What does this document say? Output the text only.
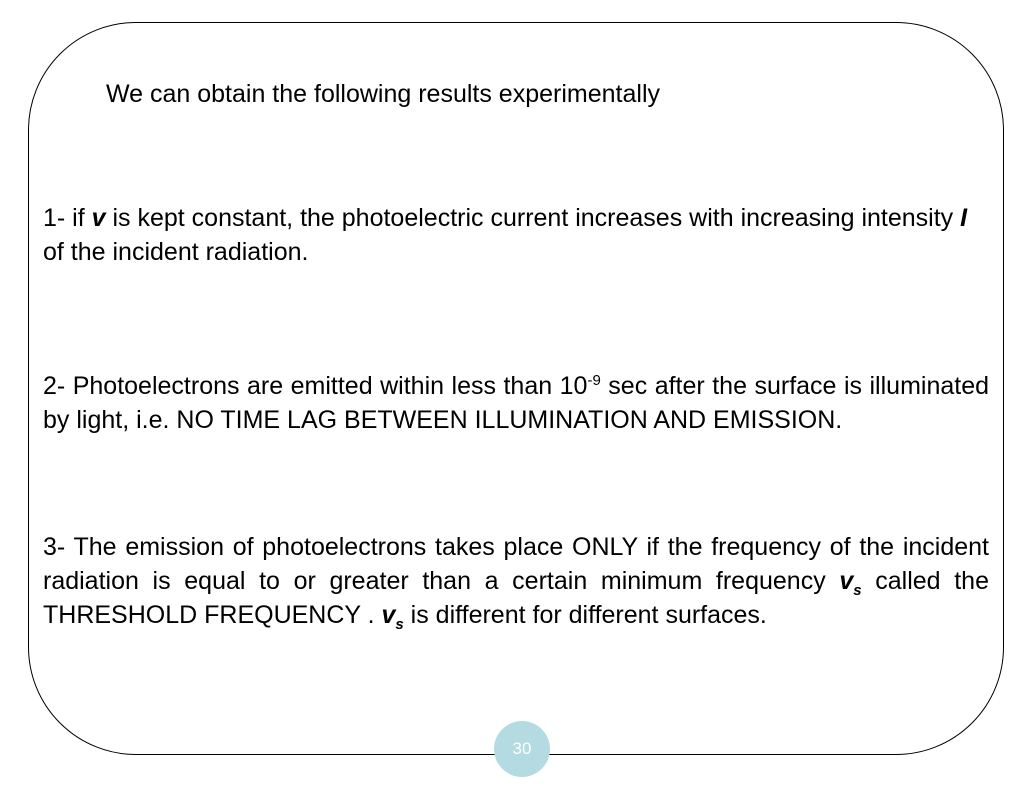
We can obtain the following results experimentally
1- if v is kept constant, the photoelectric current increases with increasing intensity I of the incident radiation.
2- Photoelectrons are emitted within less than $10^{-9}$ sec after the surface is illuminated by light, i.e. NO TIME LAG BETWEEN ILLUMINATION AND EMISSION.
3- The emission of photoelectrons takes place ONLY if the frequency of the incident radiation is equal to or greater than a certain minimum frequency $v_s$ called the THRESHOLD FREQUENCY . $v_s$ is different for different surfaces.
30
